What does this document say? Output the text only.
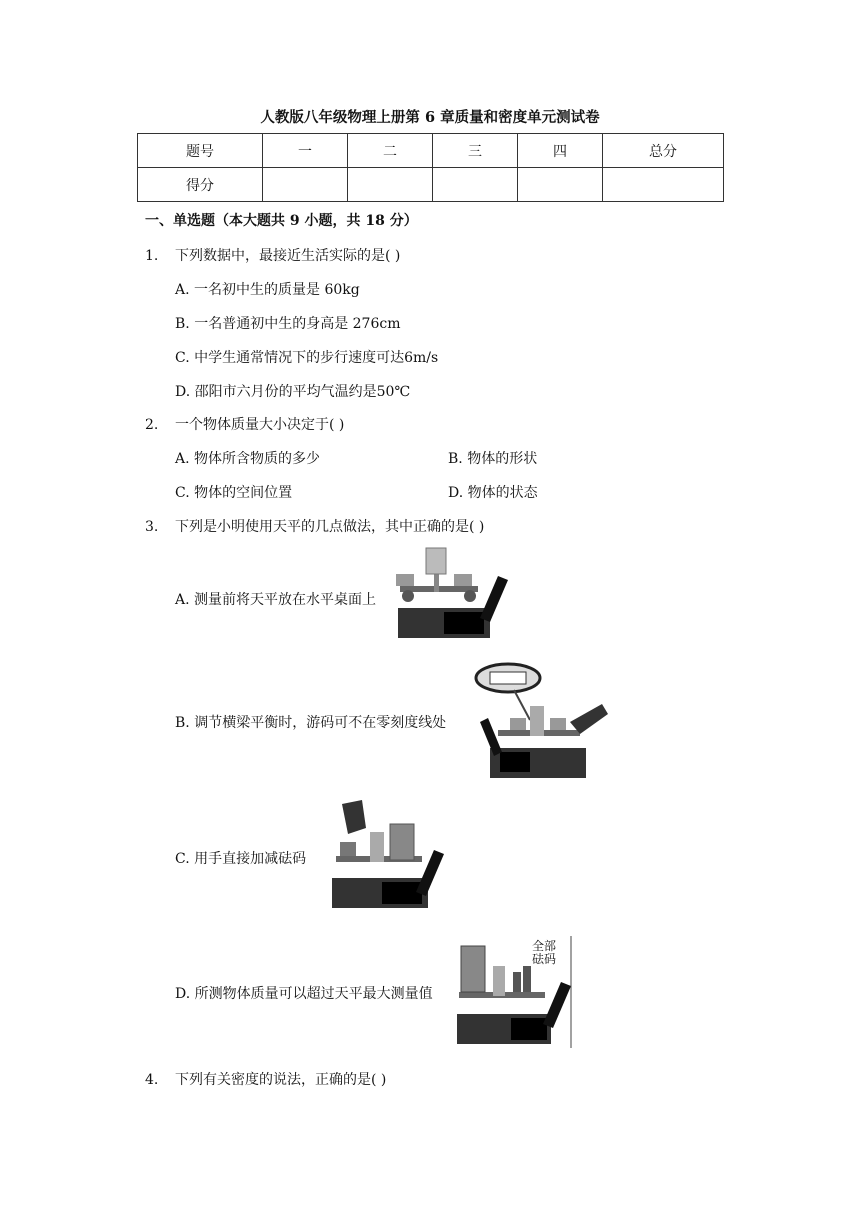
人教版八年级物理上册第 6 章质量和密度单元测试卷
题号	一	二	三	四	总分
得分					
一、单选题（本大题共 9 小题，共 18 分）
1. 下列数据中，最接近生活实际的是( )
A. 一名初中生的质量是 60kg
B. 一名普通初中生的身高是 276cm
C. 中学生通常情况下的步行速度可达6m/s
D. 邵阳市六月份的平均气温约是50℃
2. 一个物体质量大小决定于( )
A. 物体所含物质的多少	B. 物体的形状
C. 物体的空间位置	D. 物体的状态
3. 下列是小明使用天平的几点做法，其中正确的是( )
A. 测量前将天平放在水平桌面上
B. 调节横梁平衡时，游码可不在零刻度线处
C. 用手直接加减砝码
D. 所测物体质量可以超过天平最大测量值
全部
砝码
4. 下列有关密度的说法，正确的是( )
